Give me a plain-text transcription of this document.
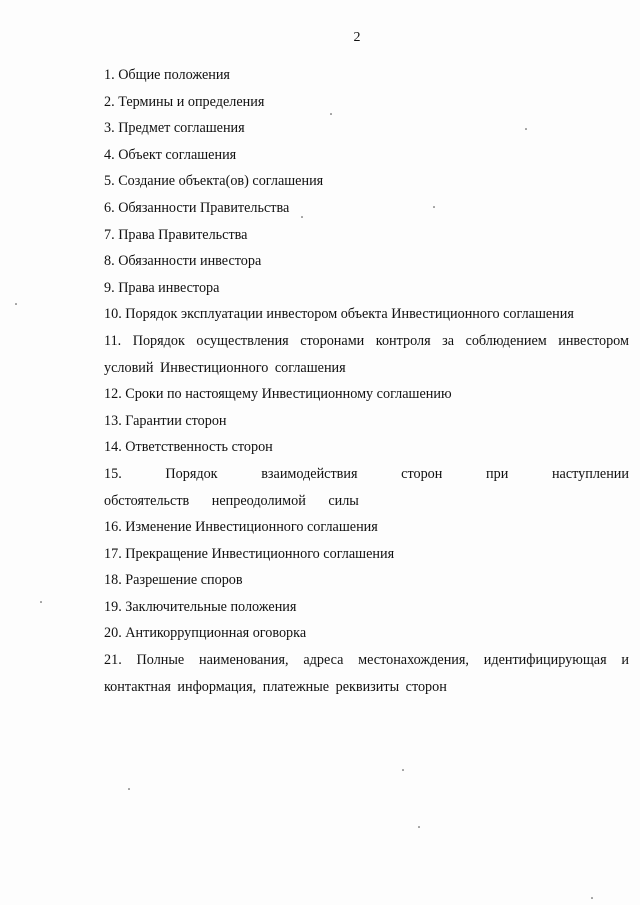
2
1. Общие положения
2. Термины и определения
3. Предмет соглашения
4. Объект соглашения
5. Создание объекта(ов) соглашения
6. Обязанности Правительства
7. Права Правительства
8. Обязанности инвестора
9. Права инвестора
10. Порядок эксплуатации инвестором объекта Инвестиционного соглашения
11. Порядок осуществления сторонами контроля за соблюдением инвестором условий Инвестиционного соглашения
12. Сроки по настоящему Инвестиционному соглашению
13. Гарантии сторон
14. Ответственность сторон
15. Порядок взаимодействия сторон при наступлении обстоятельств непреодолимой силы
16. Изменение Инвестиционного соглашения
17. Прекращение Инвестиционного соглашения
18. Разрешение споров
19. Заключительные положения
20. Антикоррупционная оговорка
21. Полные наименования, адреса местонахождения, идентифицирующая и контактная информация, платежные реквизиты сторон
